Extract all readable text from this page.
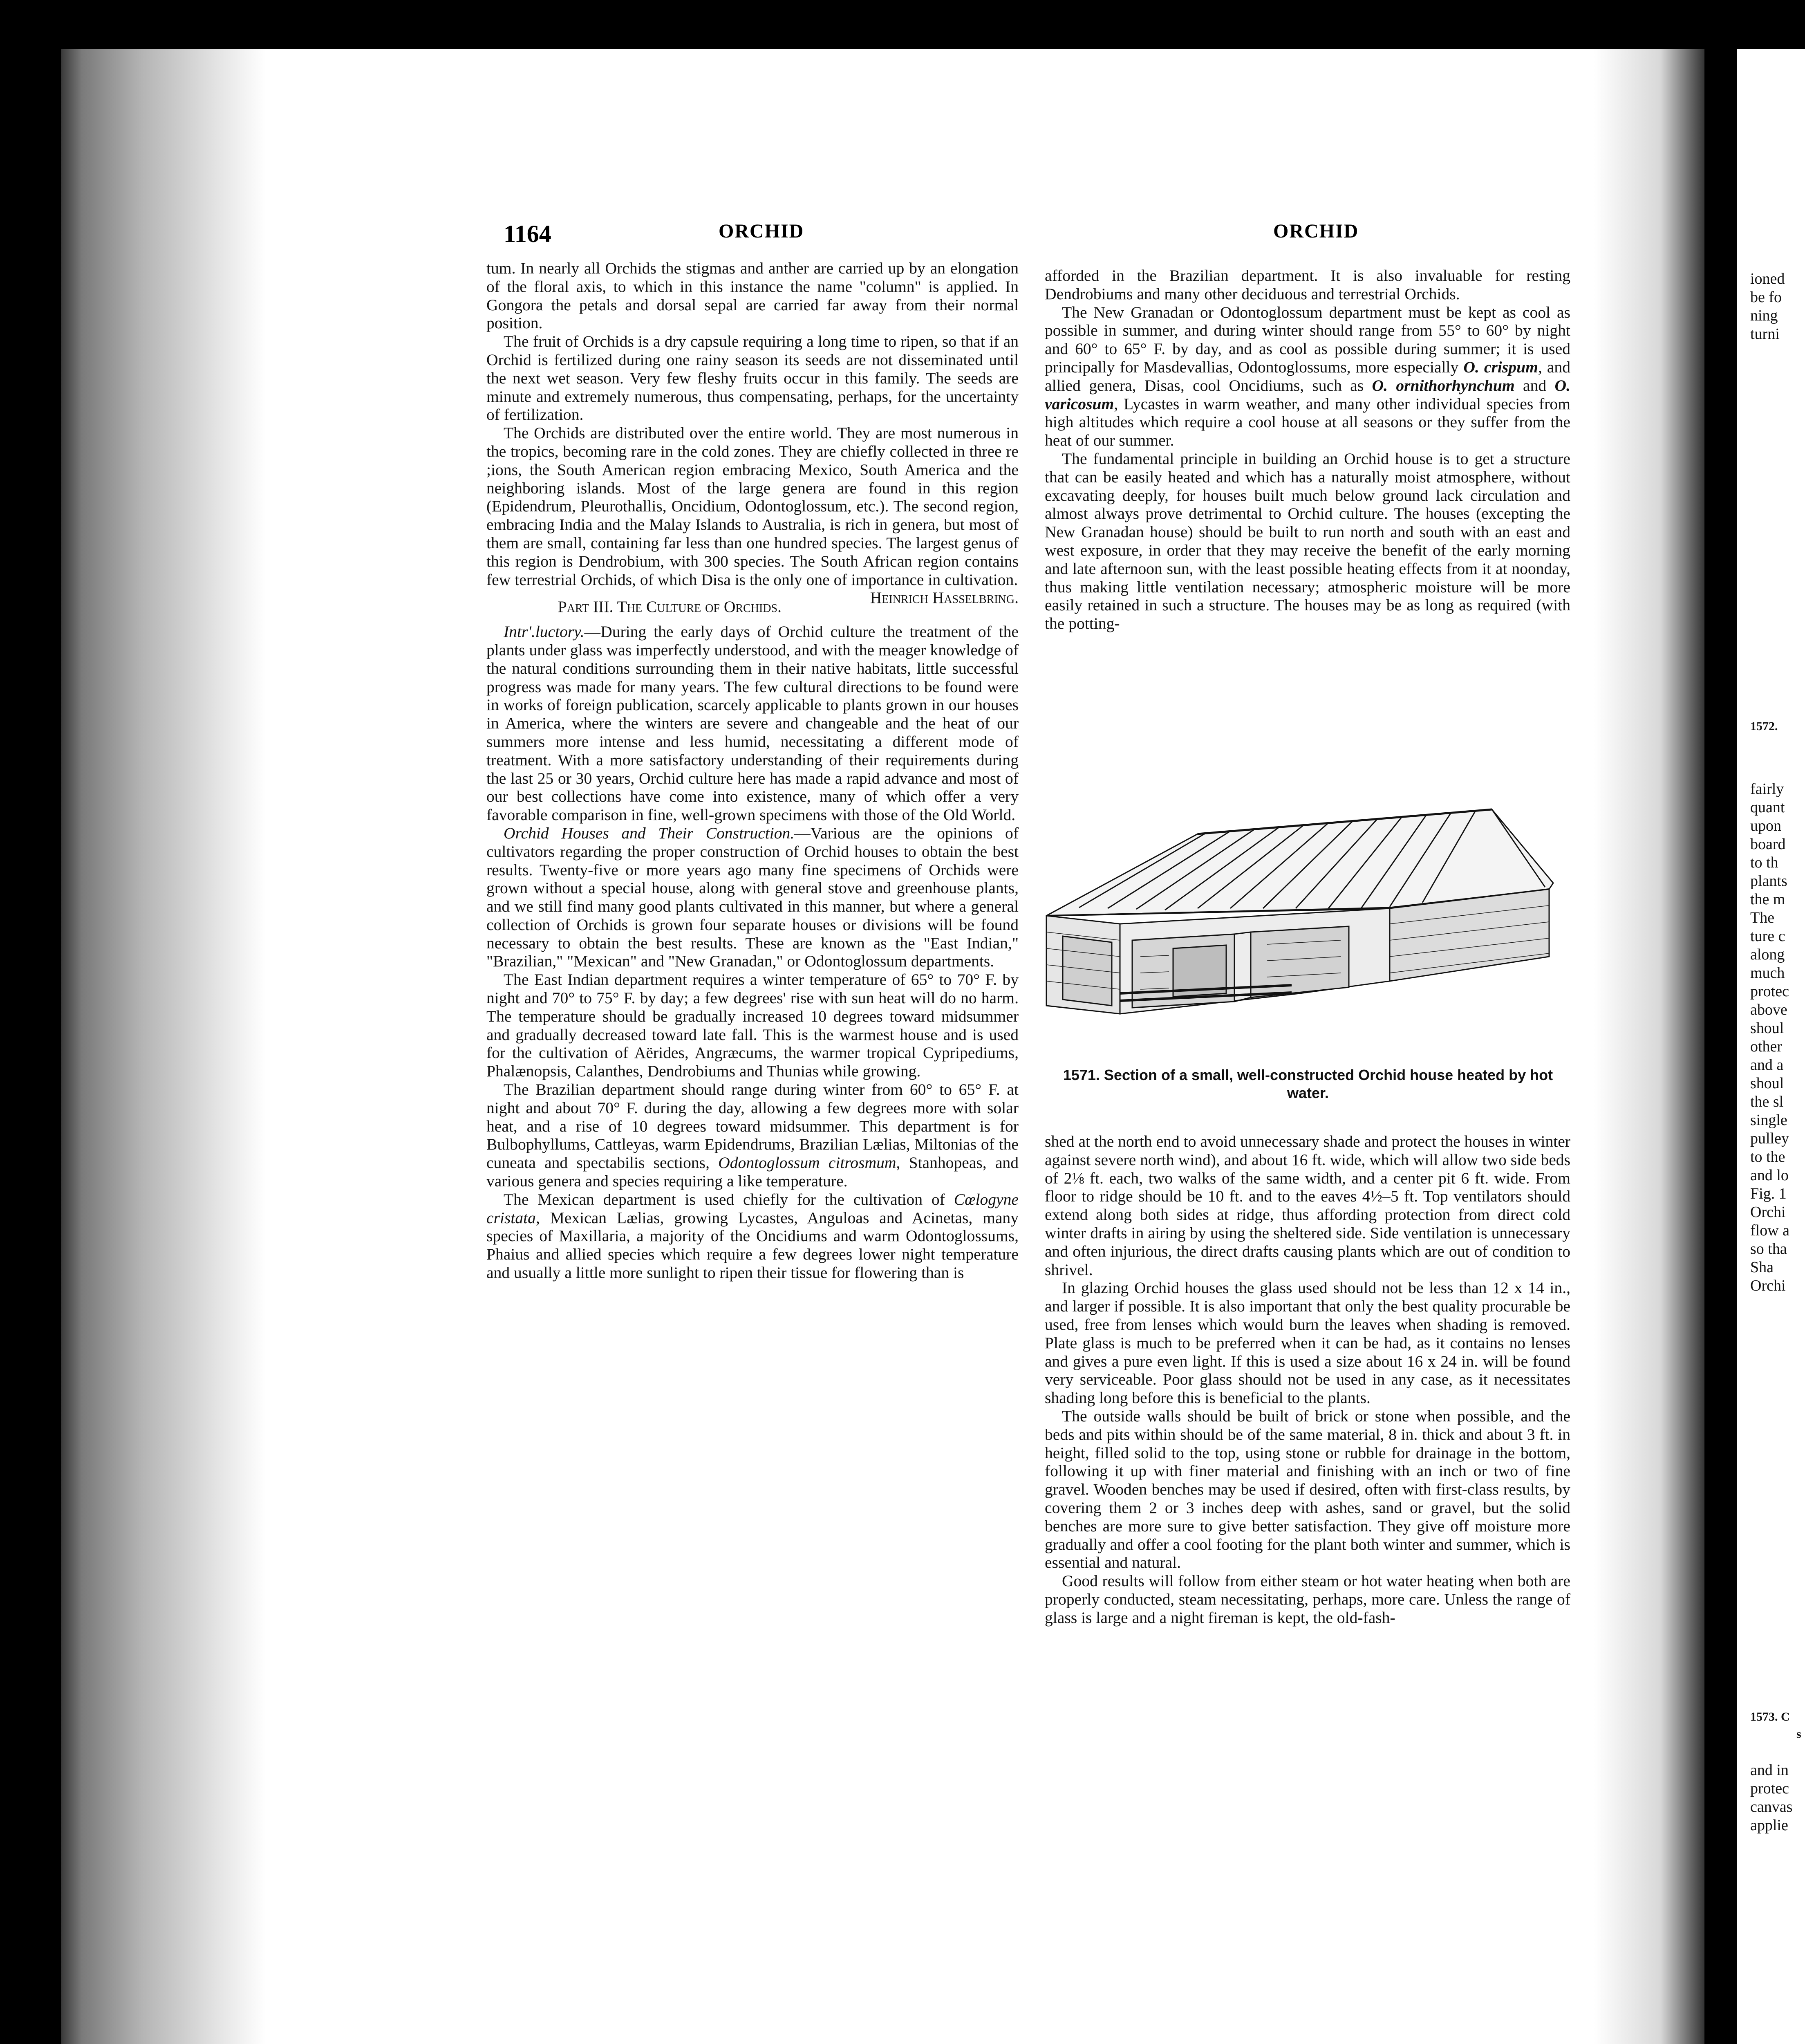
1164	ORCHID	ORCHID

tum. In nearly all Orchids the stigmas and anther are carried up by an elongation of the floral axis, to which in this instance the name "column" is applied. In Gongora the petals and dorsal sepal are carried far away from their normal position.

The fruit of Orchids is a dry capsule requiring a long time to ripen, so that if an Orchid is fertilized during one rainy season its seeds are not disseminated until the next wet season. Very few fleshy fruits occur in this family. The seeds are minute and extremely numerous, thus compensating, perhaps, for the uncertainty of fertilization.

The Orchids are distributed over the entire world. They are most numerous in the tropics, becoming rare in the cold zones. They are chiefly collected in three re ;ions, the South American region embracing Mexico, South America and the neighboring islands. Most of the large genera are found in this region (Epidendrum, Pleurothallis, Oncidium, Odontoglossum, etc.). The second region, embracing India and the Malay Islands to Australia, is rich in genera, but most of them are small, containing far less than one hundred species. The largest genus of this region is Dendrobium, with 300 species. The South African region contains few terrestrial Orchids, of which Disa is the only one of importance in cultivation.
Heinrich Hasselbring.

Part III. The Culture of Orchids.

Intr'.luctory.—During the early days of Orchid culture the treatment of the plants under glass was imperfectly understood, and with the meager knowledge of the natural conditions surrounding them in their native habitats, little successful progress was made for many years. The few cultural directions to be found were in works of foreign publication, scarcely applicable to plants grown in our houses in America, where the winters are severe and changeable and the heat of our summers more intense and less humid, necessitating a different mode of treatment. With a more satisfactory understanding of their requirements during the last 25 or 30 years, Orchid culture here has made a rapid advance and most of our best collections have come into existence, many of which offer a very favorable comparison in fine, well-grown specimens with those of the Old World.

Orchid Houses and Their Construction.—Various are the opinions of cultivators regarding the proper construction of Orchid houses to obtain the best results. Twenty-five or more years ago many fine specimens of Orchids were grown without a special house, along with general stove and greenhouse plants, and we still find many good plants cultivated in this manner, but where a general collection of Orchids is grown four separate houses or divisions will be found necessary to obtain the best results. These are known as the "East Indian," "Brazilian," "Mexican" and "New Granadan," or Odontoglossum departments.

The East Indian department requires a winter temperature of 65° to 70° F. by night and 70° to 75° F. by day; a few degrees' rise with sun heat will do no harm. The temperature should be gradually increased 10 degrees toward midsummer and gradually decreased toward late fall. This is the warmest house and is used for the cultivation of Aërides, Angræcums, the warmer tropical Cypripediums, Phalænopsis, Calanthes, Dendrobiums and Thunias while growing.

The Brazilian department should range during winter from 60° to 65° F. at night and about 70° F. during the day, allowing a few degrees more with solar heat, and a rise of 10 degrees toward midsummer. This department is for Bulbophyllums, Cattleyas, warm Epidendrums, Brazilian Lælias, Miltonias of the cuneata and spectabilis sections, Odontoglossum citrosmum, Stanhopeas, and various genera and species requiring a like temperature.

The Mexican department is used chiefly for the cultivation of Cœlogyne cristata, Mexican Lælias, growing Lycastes, Anguloas and Acinetas, many species of Maxillaria, a majority of the Oncidiums and warm Odontoglossums, Phaius and allied species which require a few degrees lower night temperature and usually a little more sunlight to ripen their tissue for flowering than is

afforded in the Brazilian department. It is also invaluable for resting Dendrobiums and many other deciduous and terrestrial Orchids.

The New Granadan or Odontoglossum department must be kept as cool as possible in summer, and during winter should range from 55° to 60° by night and 60° to 65° F. by day, and as cool as possible during summer; it is used principally for Masdevallias, Odontoglossums, more especially O. crispum, and allied genera, Disas, cool Oncidiums, such as O. ornithorhynchum and O. varicosum, Lycastes in warm weather, and many other individual species from high altitudes which require a cool house at all seasons or they suffer from the heat of our summer.

The fundamental principle in building an Orchid house is to get a structure that can be easily heated and which has a naturally moist atmosphere, without excavating deeply, for houses built much below ground lack circulation and almost always prove detrimental to Orchid culture. The houses (excepting the New Granadan house) should be built to run north and south with an east and west exposure, in order that they may receive the benefit of the early morning and late afternoon sun, with the least possible heating effects from it at noonday, thus making little ventilation necessary; atmospheric moisture will be more easily retained in such a structure. The houses may be as long as required (with the potting-

1571. Section of a small, well-constructed Orchid house heated by hot water.

shed at the north end to avoid unnecessary shade and protect the houses in winter against severe north wind), and about 16 ft. wide, which will allow two side beds of 2⅛ ft. each, two walks of the same width, and a center pit 6 ft. wide. From floor to ridge should be 10 ft. and to the eaves 4½–5 ft. Top ventilators should extend along both sides at ridge, thus affording protection from direct cold winter drafts in airing by using the sheltered side. Side ventilation is unnecessary and often injurious, the direct drafts causing plants which are out of condition to shrivel.

In glazing Orchid houses the glass used should not be less than 12 x 14 in., and larger if possible. It is also important that only the best quality procurable be used, free from lenses which would burn the leaves when shading is removed. Plate glass is much to be preferred when it can be had, as it contains no lenses and gives a pure even light. If this is used a size about 16 x 24 in. will be found very serviceable. Poor glass should not be used in any case, as it necessitates shading long before this is beneficial to the plants.

The outside walls should be built of brick or stone when possible, and the beds and pits within should be of the same material, 8 in. thick and about 3 ft. in height, filled solid to the top, using stone or rubble for drainage in the bottom, following it up with finer material and finishing with an inch or two of fine gravel. Wooden benches may be used if desired, often with first-class results, by covering them 2 or 3 inches deep with ashes, sand or gravel, but the solid benches are more sure to give better satisfaction. They give off moisture more gradually and offer a cool footing for the plant both winter and summer, which is essential and natural.

Good results will follow from either steam or hot water heating when both are properly conducted, steam necessitating, perhaps, more care. Unless the range of glass is large and a night fireman is kept, the old-fash-

ioned
be fo
ning
turni
1572.
fairly
quant
upon
board
to th
plants
the m
The
ture c
along
much
protec
above
shoul
other
and a
shoul
the sl
single
pulley
to the
and lo
Fig. 1
Orchi
flow a
so tha
Sha
Orchi
1573. C
s
and in
protec
canvas
applie
